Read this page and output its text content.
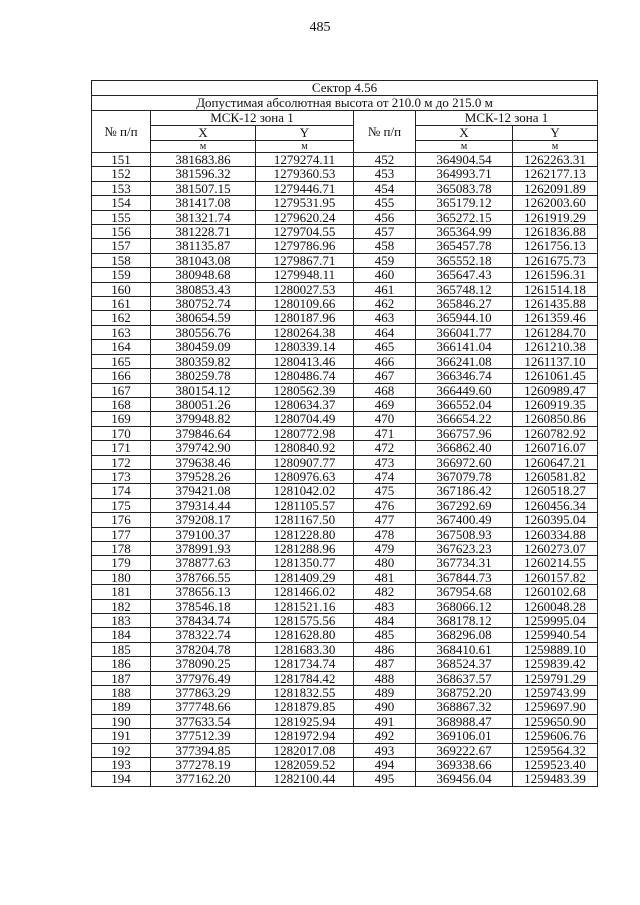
485
Сектор 4.56					
Допустимая абсолютная высота от 210.0 м до 215.0 м					
№ п/п	МСК-12 зона 1		№ п/п	МСК-12 зона 1	
	X	Y		X	Y
	м	м		м	м
151	381683.86	1279274.11	452	364904.54	1262263.31
152	381596.32	1279360.53	453	364993.71	1262177.13
153	381507.15	1279446.71	454	365083.78	1262091.89
154	381417.08	1279531.95	455	365179.12	1262003.60
155	381321.74	1279620.24	456	365272.15	1261919.29
156	381228.71	1279704.55	457	365364.99	1261836.88
157	381135.87	1279786.96	458	365457.78	1261756.13
158	381043.08	1279867.71	459	365552.18	1261675.73
159	380948.68	1279948.11	460	365647.43	1261596.31
160	380853.43	1280027.53	461	365748.12	1261514.18
161	380752.74	1280109.66	462	365846.27	1261435.88
162	380654.59	1280187.96	463	365944.10	1261359.46
163	380556.76	1280264.38	464	366041.77	1261284.70
164	380459.09	1280339.14	465	366141.04	1261210.38
165	380359.82	1280413.46	466	366241.08	1261137.10
166	380259.78	1280486.74	467	366346.74	1261061.45
167	380154.12	1280562.39	468	366449.60	1260989.47
168	380051.26	1280634.37	469	366552.04	1260919.35
169	379948.82	1280704.49	470	366654.22	1260850.86
170	379846.64	1280772.98	471	366757.96	1260782.92
171	379742.90	1280840.92	472	366862.40	1260716.07
172	379638.46	1280907.77	473	366972.60	1260647.21
173	379528.26	1280976.63	474	367079.78	1260581.82
174	379421.08	1281042.02	475	367186.42	1260518.27
175	379314.44	1281105.57	476	367292.69	1260456.34
176	379208.17	1281167.50	477	367400.49	1260395.04
177	379100.37	1281228.80	478	367508.93	1260334.88
178	378991.93	1281288.96	479	367623.23	1260273.07
179	378877.63	1281350.77	480	367734.31	1260214.55
180	378766.55	1281409.29	481	367844.73	1260157.82
181	378656.13	1281466.02	482	367954.68	1260102.68
182	378546.18	1281521.16	483	368066.12	1260048.28
183	378434.74	1281575.56	484	368178.12	1259995.04
184	378322.74	1281628.80	485	368296.08	1259940.54
185	378204.78	1281683.30	486	368410.61	1259889.10
186	378090.25	1281734.74	487	368524.37	1259839.42
187	377976.49	1281784.42	488	368637.57	1259791.29
188	377863.29	1281832.55	489	368752.20	1259743.99
189	377748.66	1281879.85	490	368867.32	1259697.90
190	377633.54	1281925.94	491	368988.47	1259650.90
191	377512.39	1281972.94	492	369106.01	1259606.76
192	377394.85	1282017.08	493	369222.67	1259564.32
193	377278.19	1282059.52	494	369338.66	1259523.40
194	377162.20	1282100.44	495	369456.04	1259483.39
